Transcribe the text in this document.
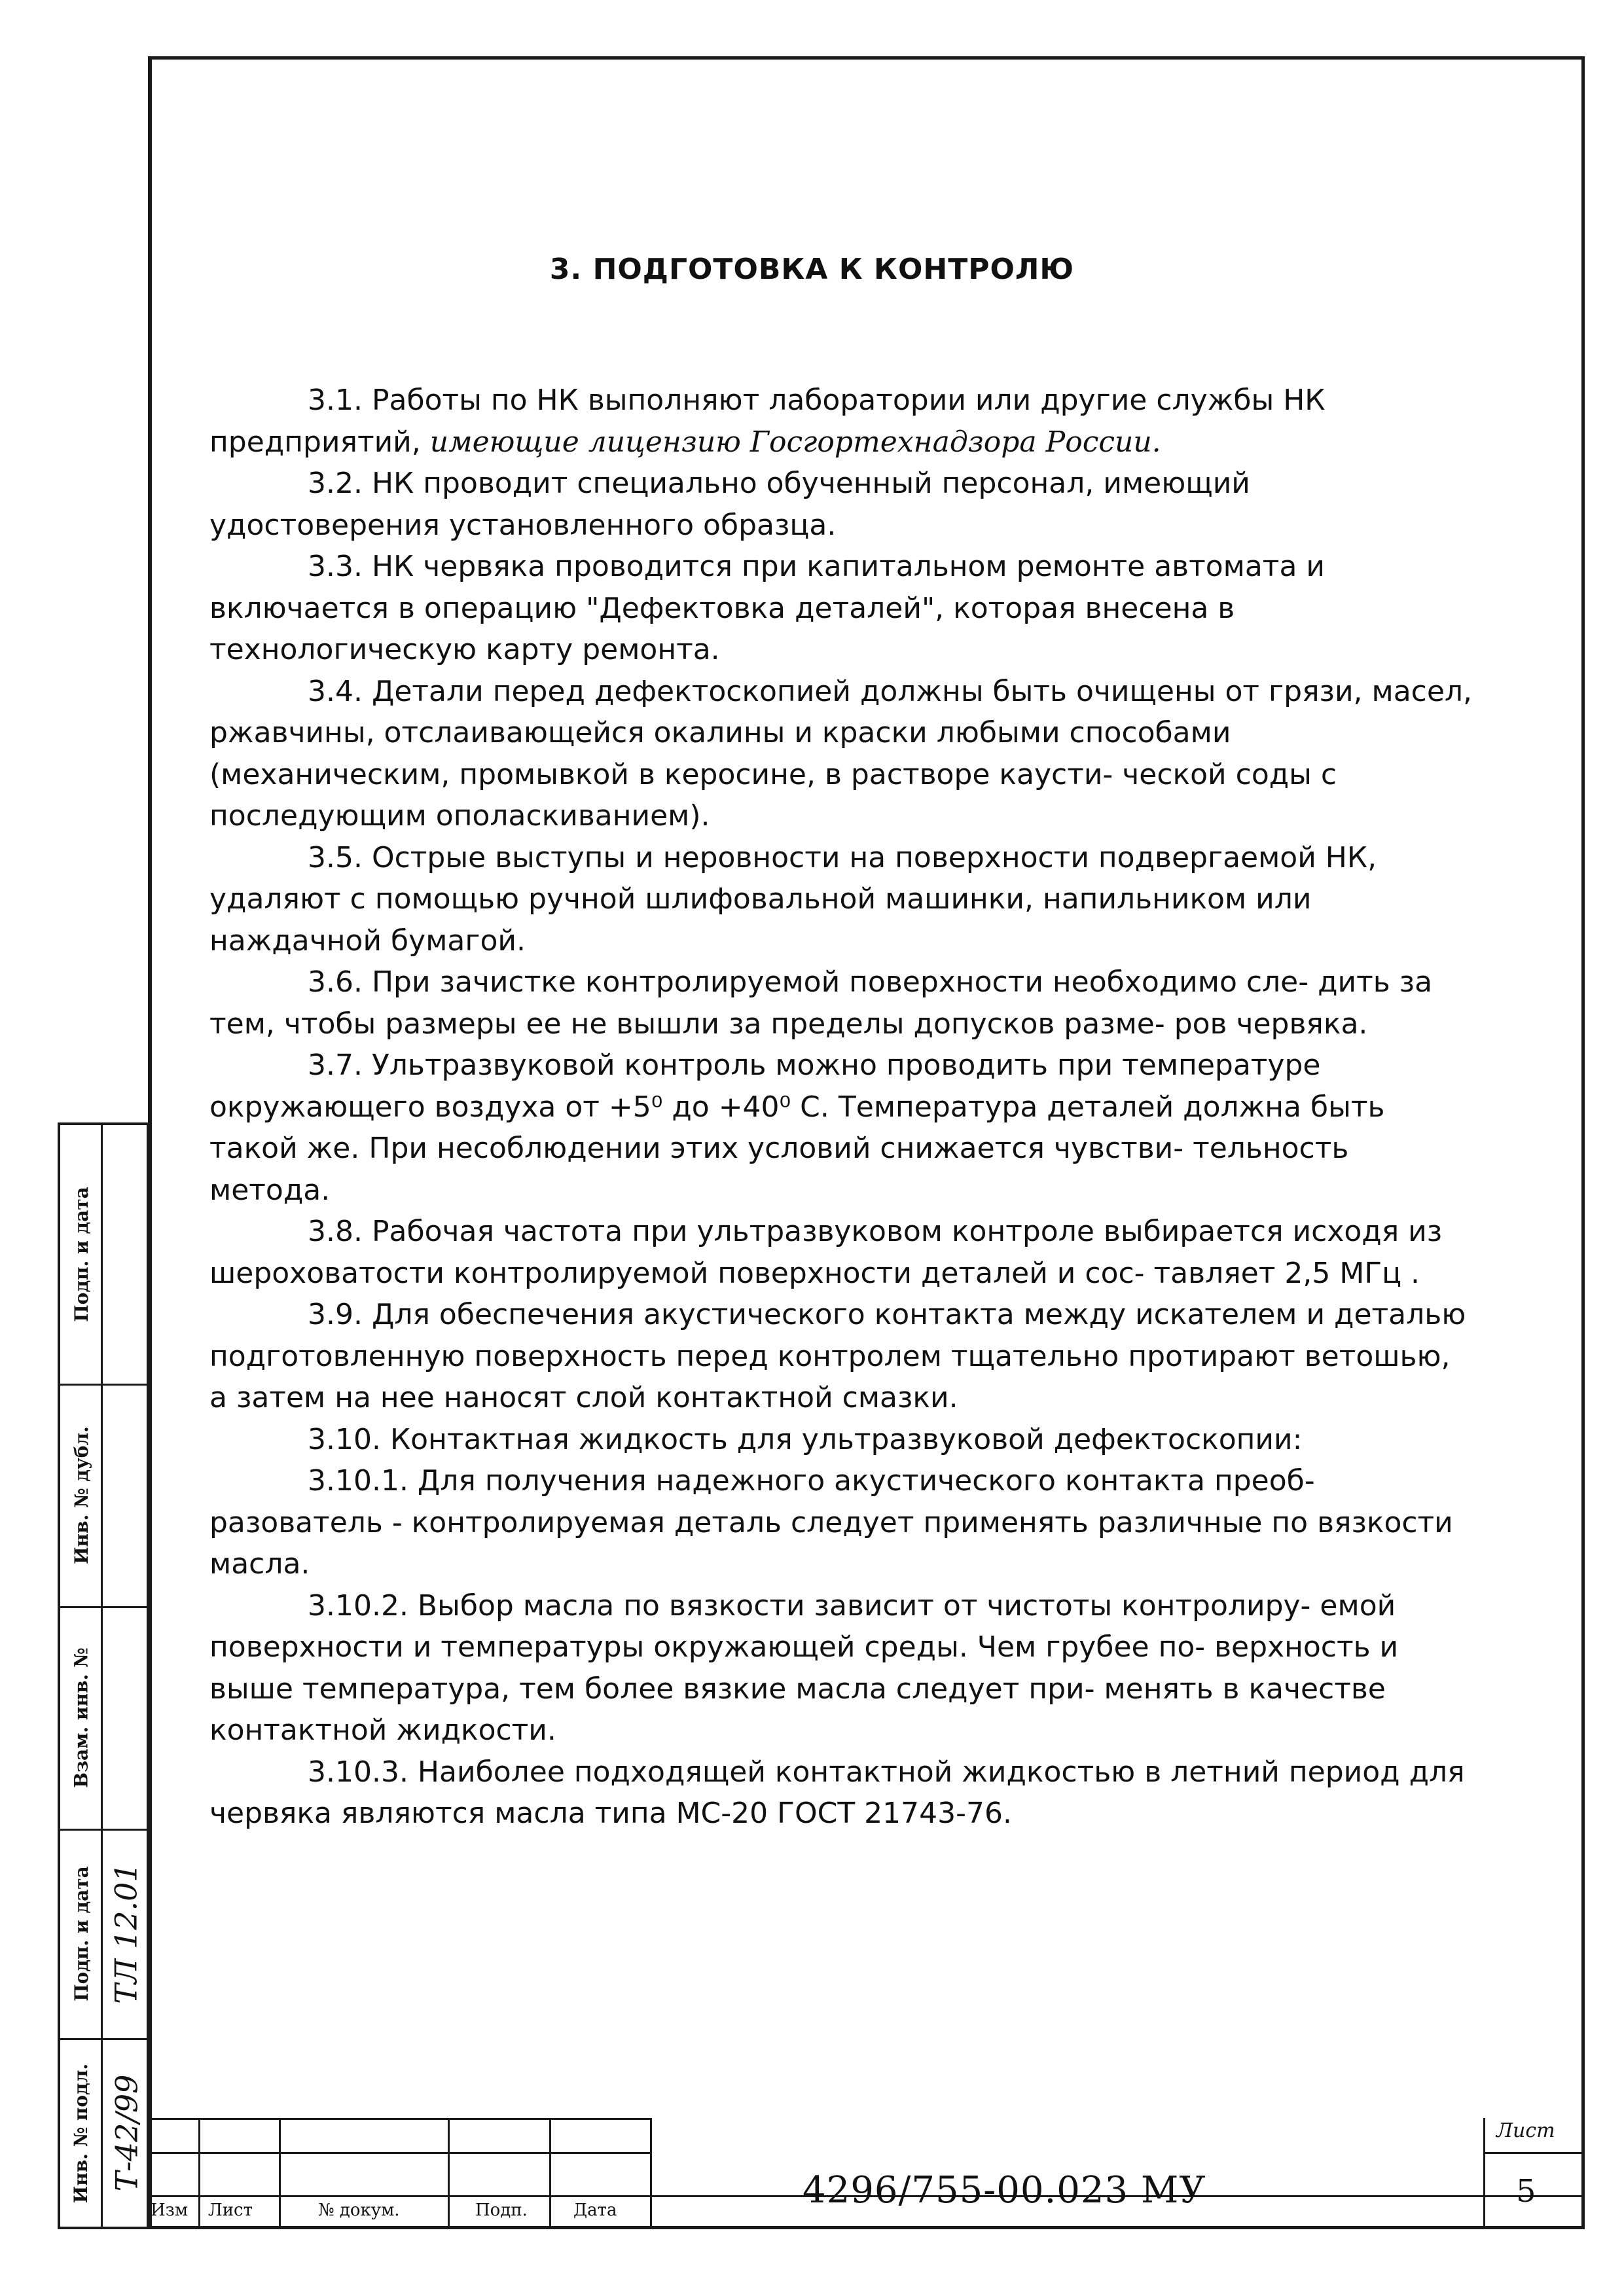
3. ПОДГОТОВКА К КОНТРОЛЮ

3.1. Работы по НК выполняют лаборатории или другие службы НК предприятий, имеющие лицензию Госгортехнадзора России.

3.2. НК проводит специально обученный персонал, имеющий удостоверения установленного образца.

3.3. НК червяка проводится при капитальном ремонте автомата и включается в операцию "Дефектовка деталей", которая внесена в технологическую карту ремонта.

3.4. Детали перед дефектоскопией должны быть очищены от грязи, масел, ржавчины, отслаивающейся окалины и краски любыми способами (механическим, промывкой в керосине, в растворе каусти- ческой соды с последующим ополаскиванием).

3.5. Острые выступы и неровности на поверхности подвергаемой НК, удаляют с помощью ручной шлифовальной машинки, напильником или наждачной бумагой.

3.6. При зачистке контролируемой поверхности необходимо сле- дить за тем, чтобы размеры ее не вышли за пределы допусков разме- ров червяка.

3.7. Ультразвуковой контроль можно проводить при температуре окружающего воздуха от +5⁰ до +40⁰ С. Температура деталей должна быть такой же. При несоблюдении этих условий снижается чувстви- тельность метода.

3.8. Рабочая частота при ультразвуковом контроле выбирается исходя из шероховатости контролируемой поверхности деталей и сос- тавляет 2,5 МГц .

3.9. Для обеспечения акустического контакта между искателем и деталью подготовленную поверхность перед контролем тщательно протирают ветошью, а затем на нее наносят слой контактной смазки.

3.10. Контактная жидкость для ультразвуковой дефектоскопии:

3.10.1. Для получения надежного акустического контакта преоб- разователь - контролируемая деталь следует применять различные по вязкости масла.

3.10.2. Выбор масла по вязкости зависит от чистоты контролиру- емой поверхности и температуры окружающей среды. Чем грубее по- верхность и выше температура, тем более вязкие масла следует при- менять в качестве контактной жидкости.

3.10.3. Наиболее подходящей контактной жидкостью в летний период для червяка являются масла типа МС-20 ГОСТ 21743-76.

Подп. и дата
Инв. № дубл.
Взам. инв. №
Подп. и дата
Инв. № подл.
ТЛ 12.01
Т-42/99
Изм Лист	№ докум.	Подп.	Дата	4296/755-00.023 МУ
Лист
5
